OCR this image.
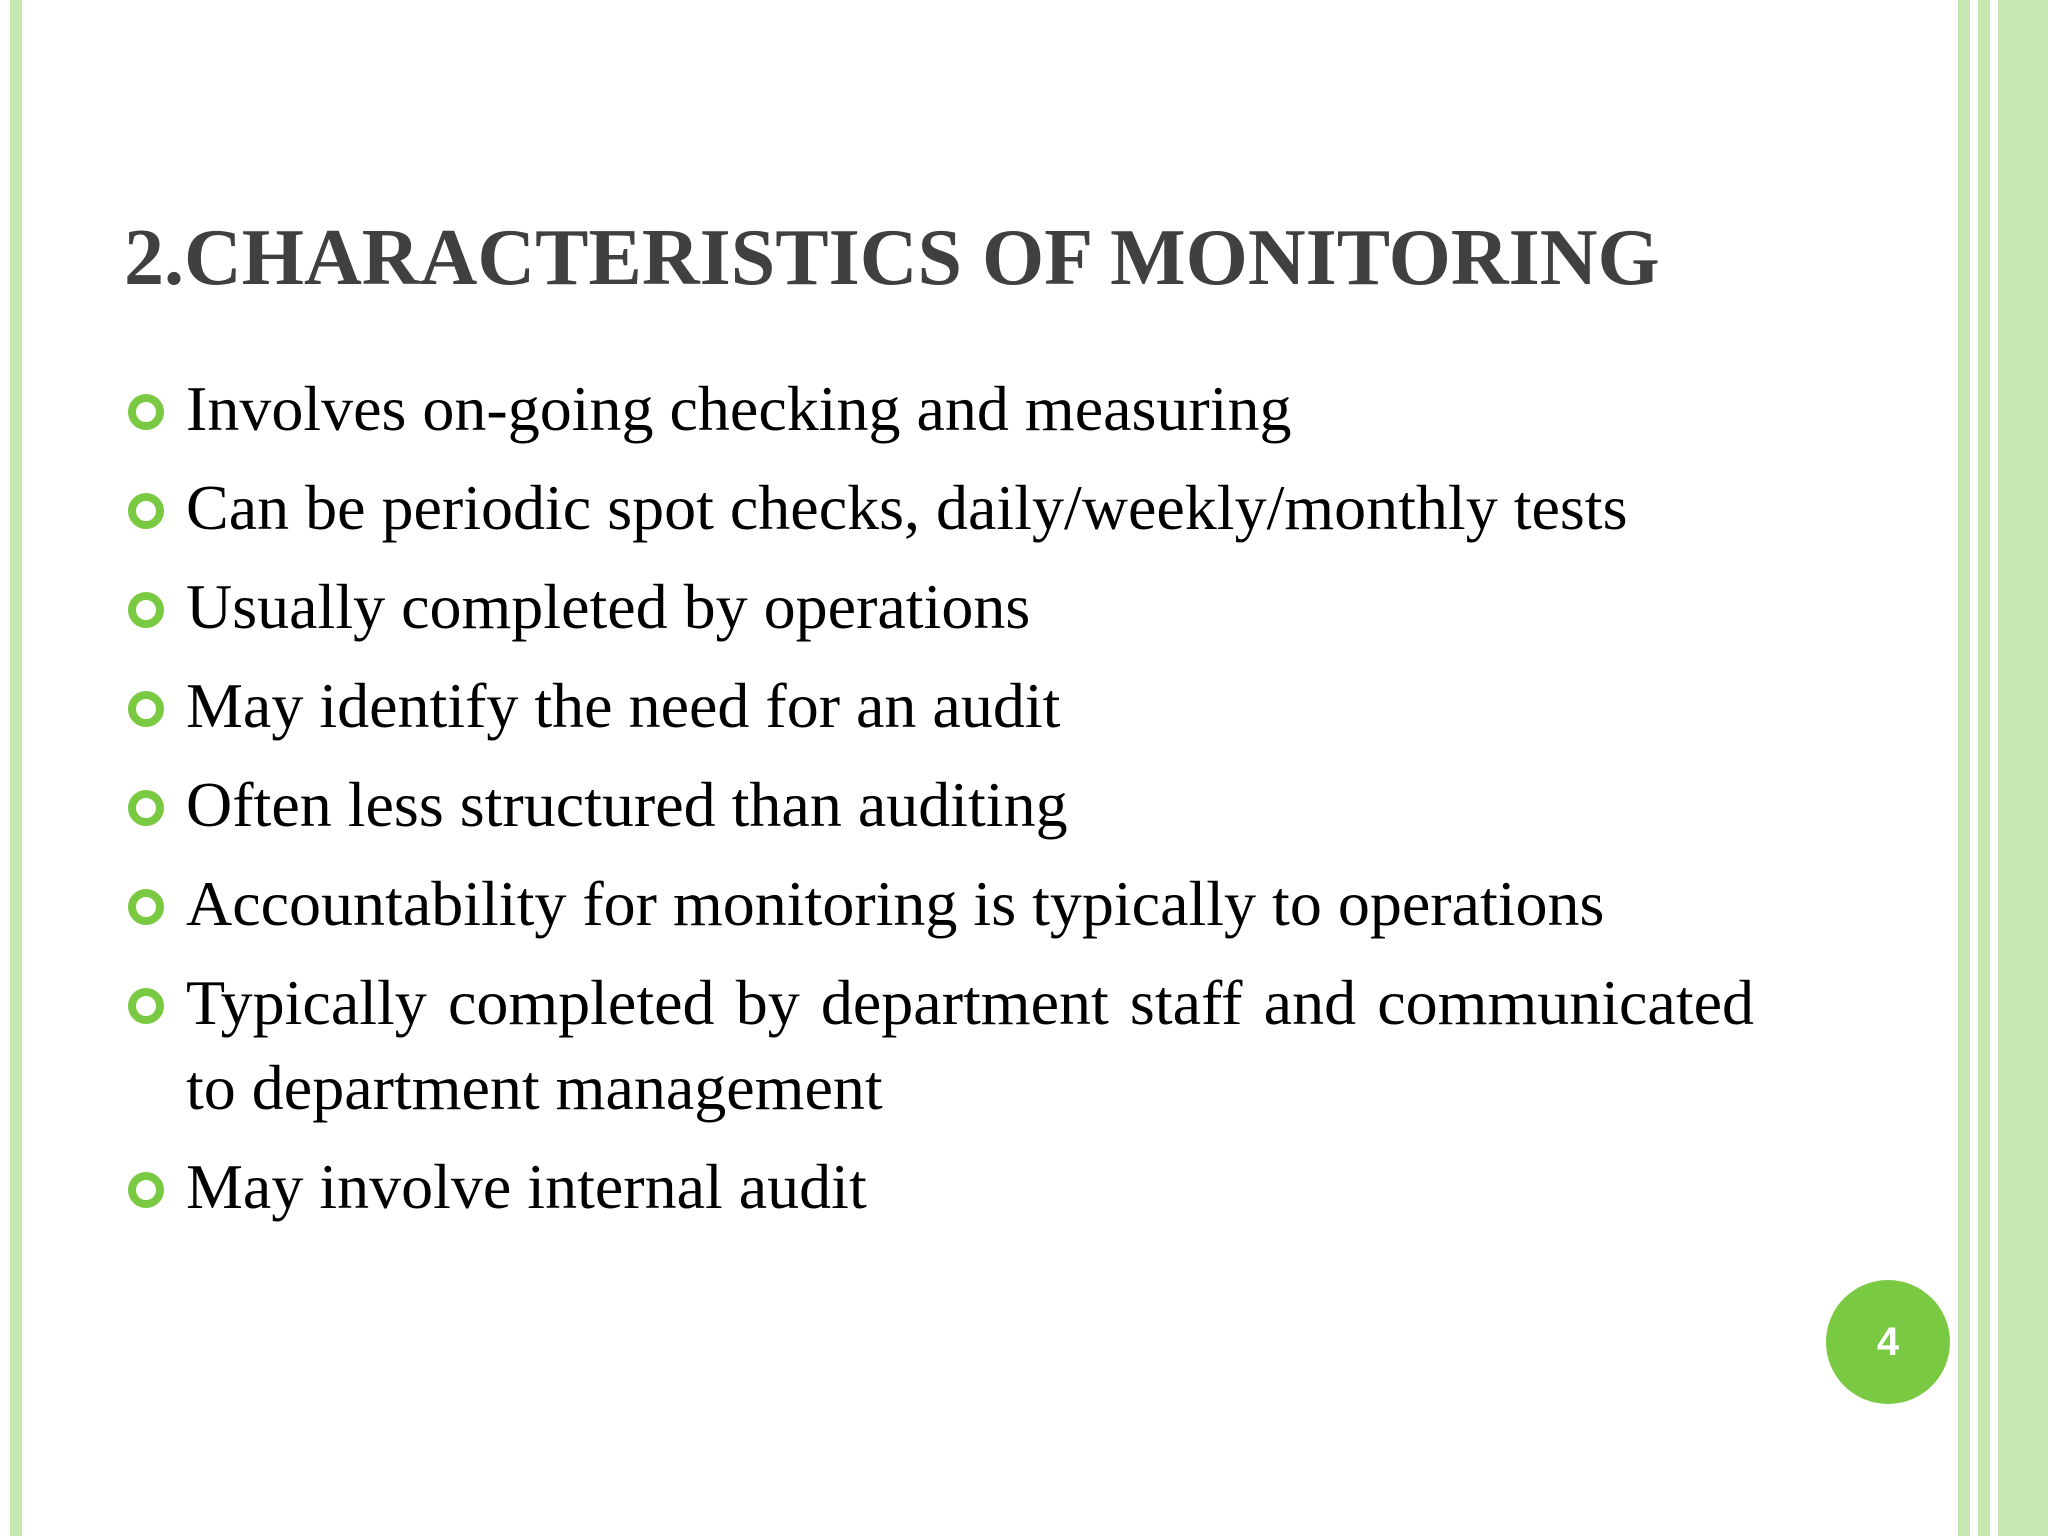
2.CHARACTERISTICS OF MONITORING
Involves on-going checking and measuring
Can be periodic spot checks, daily/weekly/monthly tests
Usually completed by operations
May identify the need for an audit
Often less structured than auditing
Accountability for monitoring is typically to operations
Typically completed by department staff and communicated to department management
May involve internal audit
4
